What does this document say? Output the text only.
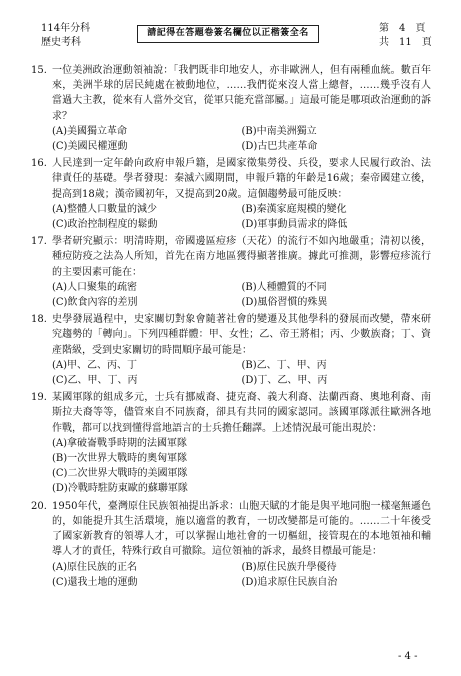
114年分科
歷史考科
請記得在答題卷簽名欄位以正楷簽全名	第　4　頁
共　11　頁
15. 一位美洲政治運動領袖說：「我們既非印地安人，亦非歐洲人，但有兩種血統。數百年來，美洲半球的居民純處在被動地位，……我們從來沒人當上總督，……幾乎沒有人當過大主教，從來有人當外交官，從軍只能充當部屬。」這最可能是哪項政治運動的訴求？
(A)美國獨立革命	(B)中南美洲獨立
(C)美國民權運動	(D)古巴共產革命
16. 人民達到一定年齡向政府申報戶籍，是國家徵集勞役、兵役，要求人民履行政治、法律責任的基礎。學者發現：秦滅六國期間，申報戶籍的年齡是16歲；秦帝國建立後，提高到18歲；漢帝國初年，又提高到20歲。這個趨勢最可能反映：
(A)整體人口數量的減少	(B)秦漢家庭規模的變化
(C)政治控制程度的鬆動	(D)軍事動員需求的降低
17. 學者研究顯示：明清時期，帝國邊區痘疹（天花）的流行不如內地嚴重；清初以後，種痘防疫之法為人所知，首先在南方地區獲得顯著推廣。據此可推測，影響痘疹流行的主要因素可能在：
(A)人口聚集的疏密	(B)人種體質的不同
(C)飲食內容的差別	(D)風俗習慣的殊異
18. 史學發展過程中，史家關切對象會隨著社會的變遷及其他學科的發展而改變，帶來研究趨勢的「轉向」。下列四種群體：甲、女性；乙、帝王將相；丙、少數族裔；丁、資產階級，受到史家關切的時間順序最可能是：
(A)甲、乙、丙、丁	(B)乙、丁、甲、丙
(C)乙、甲、丁、丙	(D)丁、乙、甲、丙
19. 某國軍隊的組成多元，士兵有挪威裔、捷克裔、義大利裔、法蘭西裔、奧地利裔、南斯拉夫裔等等，儘管來自不同族裔，卻具有共同的國家認同。該國軍隊派往歐洲各地作戰，都可以找到懂得當地語言的士兵擔任翻譯。上述情況最可能出現於：
(A)拿破崙戰爭時期的法國軍隊
(B)一次世界大戰時的奧匈軍隊
(C)二次世界大戰時的美國軍隊
(D)冷戰時駐防東歐的蘇聯軍隊
20. 1950年代，臺灣原住民族領袖提出訴求：山胞天賦的才能是與平地同胞一樣毫無遜色的，如能提升其生活環境，施以適當的教育，一切改變都是可能的。……二十年後受了國家新教育的領導人才，可以掌握山地社會的一切樞紐，接管現在的本地領袖和輔導人才的責任，特殊行政自可撤除。這位領袖的訴求，最終目標最可能是：
(A)原住民族的正名	(B)原住民族升學優待
(C)還我土地的運動	(D)追求原住民族自治
- 4 -
